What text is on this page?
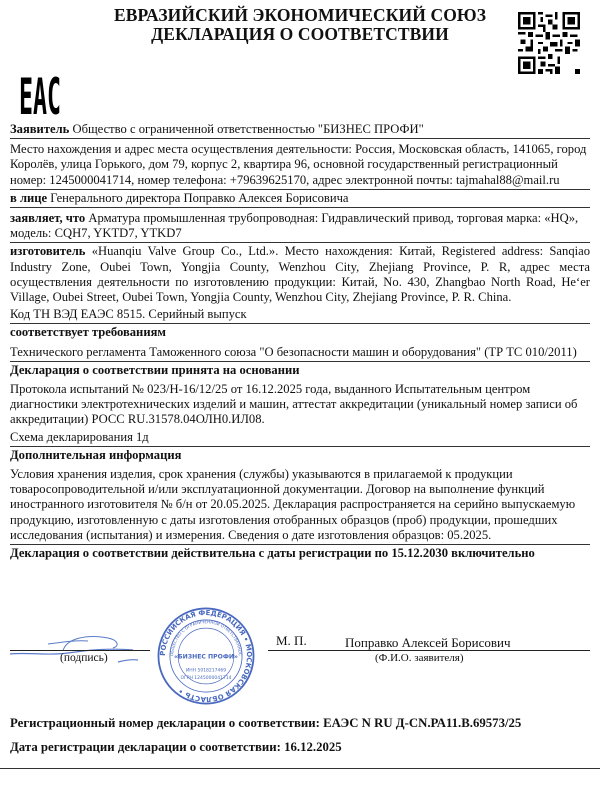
ЕВРАЗИЙСКИЙ ЭКОНОМИЧЕСКИЙ СОЮЗ
ДЕКЛАРАЦИЯ О СООТВЕТСТВИИ
EAC
Заявитель Общество с ограниченной ответственностью "БИЗНЕС ПРОФИ"
Место нахождения и адрес места осуществления деятельности: Россия, Московская область, 141065, город Королёв, улица Горького, дом 79, корпус 2, квартира 96, основной государственный регистрационный номер: 1245000041714, номер телефона: +79639625170, адрес электронной почты: tajmahal88@mail.ru
в лице Генерального директора Поправко Алексея Борисовича
заявляет, что Арматура промышленная трубопроводная: Гидравлический привод, торговая марка: «HQ», модель: CQH7, YKTD7, YTKD7
изготовитель «Huanqiu Valve Group Co., Ltd.». Место нахождения: Китай, Registered address: Sanqiao Industry Zone, Oubei Town, Yongjia County, Wenzhou City, Zhejiang Province, P. R, адрес места осуществления деятельности по изготовлению продукции: Китай, No. 430, Zhangbao North Road, He‘er Village, Oubei Street, Oubei Town, Yongjia County, Wenzhou City, Zhejiang Province, P. R. China.
Код ТН ВЭД ЕАЭС 8515. Серийный выпуск
соответствует требованиям
Технического регламента Таможенного союза "О безопасности машин и оборудования" (ТР ТС 010/2011)
Декларация о соответствии принята на основании
Протокола испытаний № 023/Н-16/12/25 от 16.12.2025 года, выданного Испытательным центром диагностики электротехнических изделий и машин, аттестат аккредитации (уникальный номер записи об аккредитации) РОСС RU.31578.04ОЛН0.ИЛ08.
Схема декларирования 1д
Дополнительная информация
Условия хранения изделия, срок хранения (службы) указываются в прилагаемой к продукции товаросопроводительной и/или эксплуатационной документации. Договор на выполнение функций иностранного изготовителя № б/н от 20.05.2025. Декларация распространяется на серийно выпускаемую продукцию, изготовленную с даты изготовления отобранных образцов (проб) продукции, прошедших исследования (испытания) и измерения. Сведения о дате изготовления образцов: 05.2025.
Декларация о соответствии действительна с даты регистрации по 15.12.2030 включительно
(подпись)
М. П.	Поправко Алексей Борисович
(Ф.И.О. заявителя)
РОССИЙСКАЯ ФЕДЕРАЦИЯ • МОСКОВСКАЯ ОБЛАСТЬ •
ОБЩЕСТВО С ОГРАНИЧЕННОЙ ОТВЕТСТВЕННОС
«БИЗНЕС ПРОФИ»
ИНН 5018217469
ОГРН 1245000041714
Регистрационный номер декларации о соответствии: ЕАЭС N RU Д-CN.РА11.В.69573/25
Дата регистрации декларации о соответствии: 16.12.2025
